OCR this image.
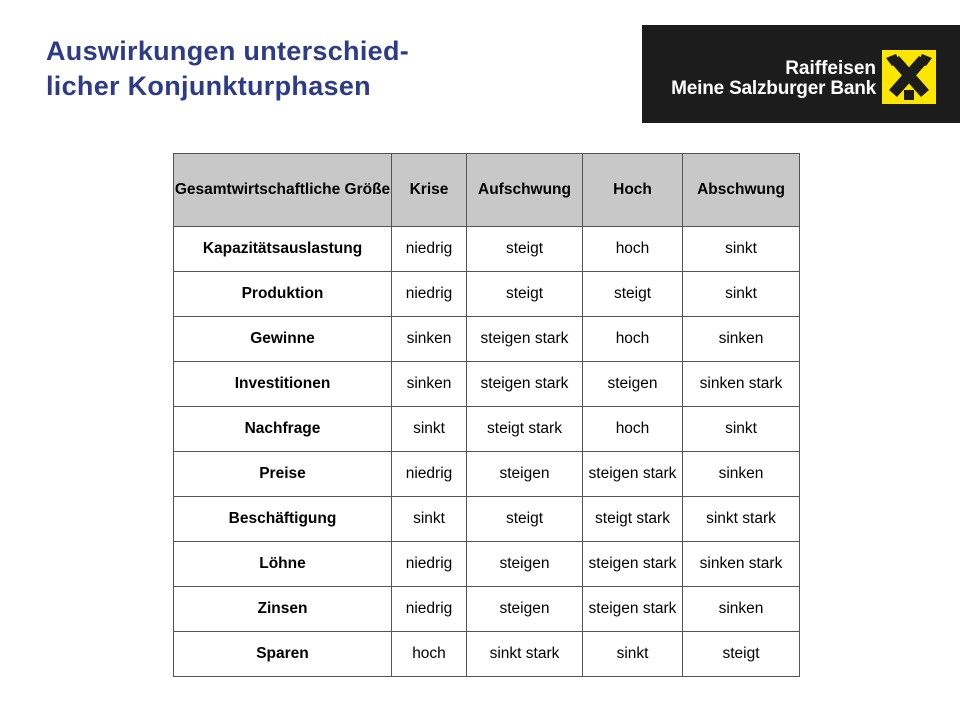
Auswirkungen unterschied-
licher Konjunkturphasen
Raiffeisen
Meine Salzburger Bank
Gesamtwirtschaftliche Größe	Krise	Aufschwung	Hoch	Abschwung
Kapazitätsauslastung	niedrig	steigt	hoch	sinkt
Produktion	niedrig	steigt	steigt	sinkt
Gewinne	sinken	steigen stark	hoch	sinken
Investitionen	sinken	steigen stark	steigen	sinken stark
Nachfrage	sinkt	steigt stark	hoch	sinkt
Preise	niedrig	steigen	steigen stark	sinken
Beschäftigung	sinkt	steigt	steigt stark	sinkt stark
Löhne	niedrig	steigen	steigen stark	sinken stark
Zinsen	niedrig	steigen	steigen stark	sinken
Sparen	hoch	sinkt stark	sinkt	steigt
